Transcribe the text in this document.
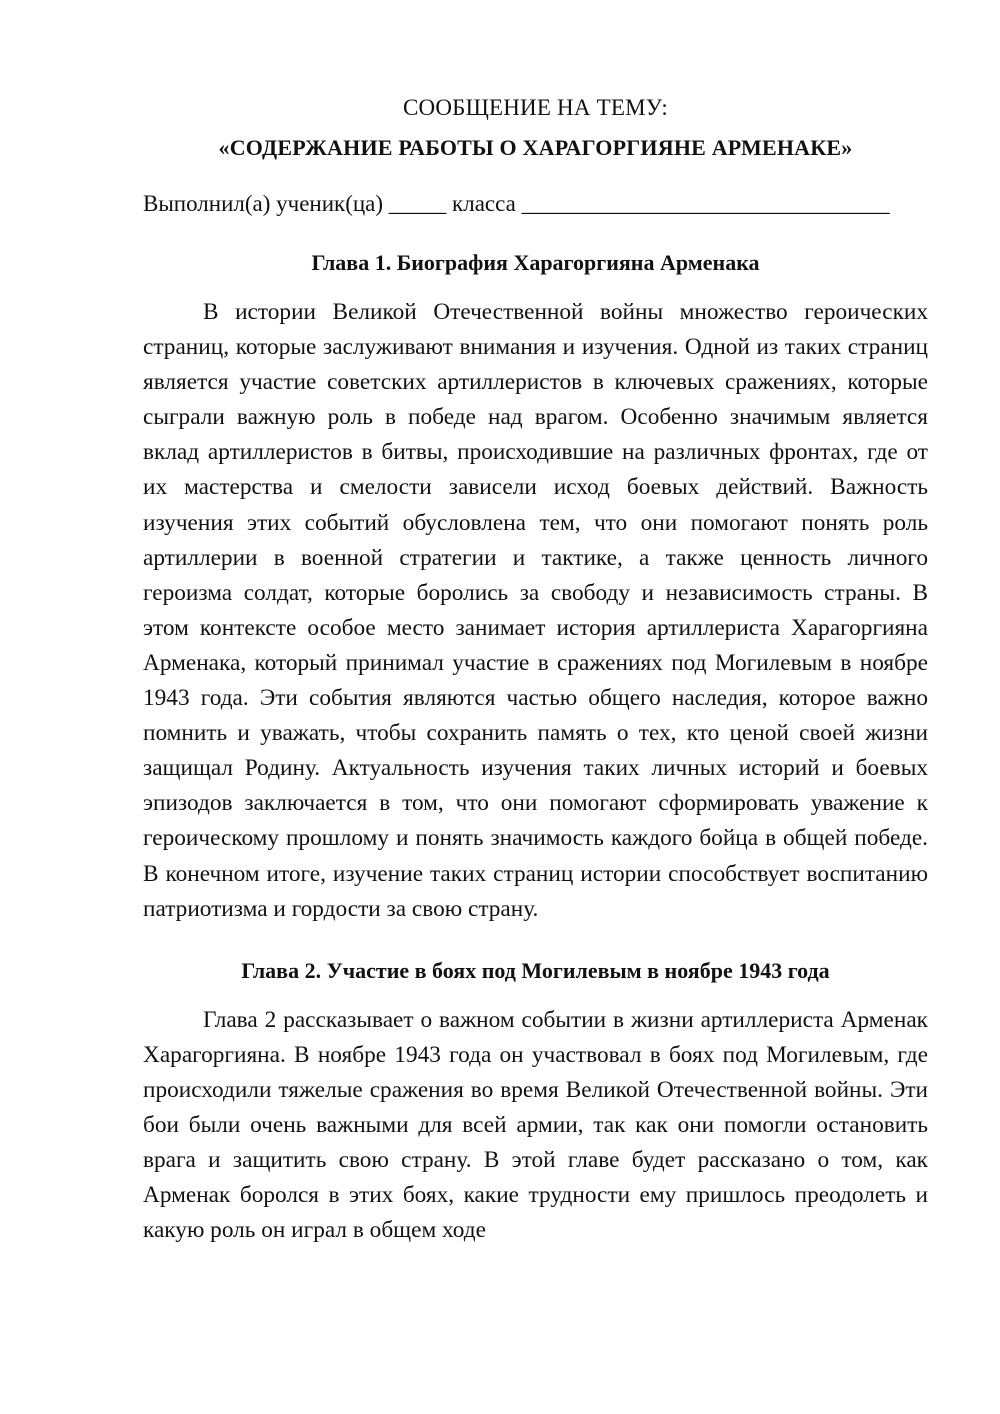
СООБЩЕНИЕ НА ТЕМУ:

«СОДЕРЖАНИЕ РАБОТЫ О ХАРАГОРГИЯНЕ АРМЕНАКЕ»

Выполнил(а) ученик(ца) _____ класса ________________________________

Глава 1. Биография Харагоргияна Арменака

В истории Великой Отечественной войны множество героических страниц, которые заслуживают внимания и изучения. Одной из таких страниц является участие советских артиллеристов в ключевых сражениях, которые сыграли важную роль в победе над врагом. Особенно значимым является вклад артиллеристов в битвы, происходившие на различных фронтах, где от их мастерства и смелости зависели исход боевых действий. Важность изучения этих событий обусловлена тем, что они помогают понять роль артиллерии в военной стратегии и тактике, а также ценность личного героизма солдат, которые боролись за свободу и независимость страны. В этом контексте особое место занимает история артиллериста Харагоргияна Арменака, который принимал участие в сражениях под Могилевым в ноябре 1943 года. Эти события являются частью общего наследия, которое важно помнить и уважать, чтобы сохранить память о тех, кто ценой своей жизни защищал Родину. Актуальность изучения таких личных историй и боевых эпизодов заключается в том, что они помогают сформировать уважение к героическому прошлому и понять значимость каждого бойца в общей победе. В конечном итоге, изучение таких страниц истории способствует воспитанию патриотизма и гордости за свою страну.

Глава 2. Участие в боях под Могилевым в ноябре 1943 года

Глава 2 рассказывает о важном событии в жизни артиллериста Арменак Харагоргияна. В ноябре 1943 года он участвовал в боях под Могилевым, где происходили тяжелые сражения во время Великой Отечественной войны. Эти бои были очень важными для всей армии, так как они помогли остановить врага и защитить свою страну. В этой главе будет рассказано о том, как Арменак боролся в этих боях, какие трудности ему пришлось преодолеть и какую роль он играл в общем ходе
